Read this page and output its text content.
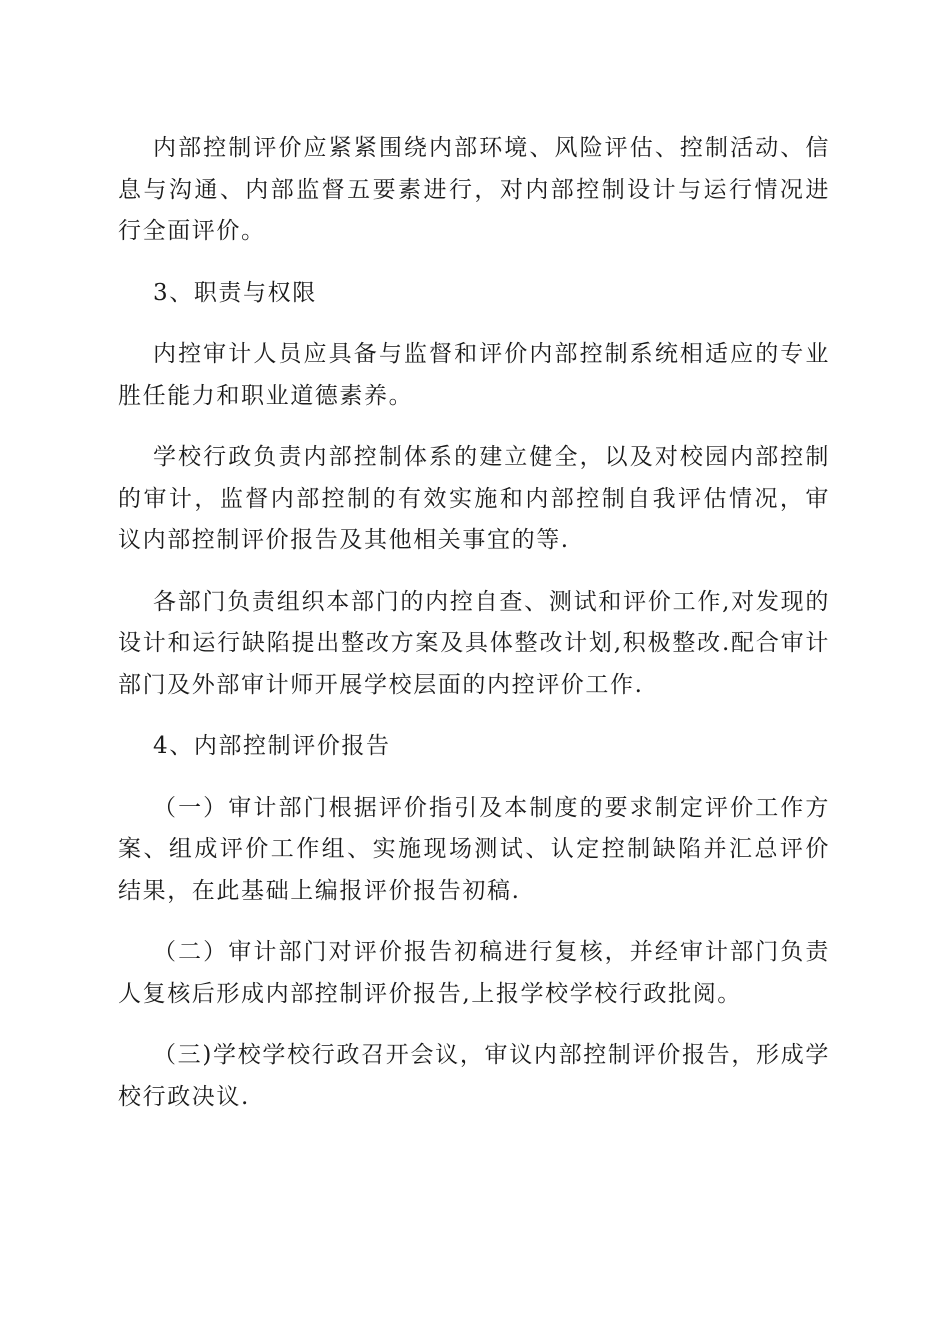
内部控制评价应紧紧围绕内部环境、风险评估、控制活动、信息与沟通、内部监督五要素进行，对内部控制设计与运行情况进行全面评价。

3、职责与权限

内控审计人员应具备与监督和评价内部控制系统相适应的专业胜任能力和职业道德素养。

学校行政负责内部控制体系的建立健全，以及对校园内部控制的审计，监督内部控制的有效实施和内部控制自我评估情况，审议内部控制评价报告及其他相关事宜的等.

各部门负责组织本部门的内控自查、测试和评价工作,对发现的设计和运行缺陷提出整改方案及具体整改计划,积极整改.配合审计部门及外部审计师开展学校层面的内控评价工作.

4、内部控制评价报告

（一）审计部门根据评价指引及本制度的要求制定评价工作方案、组成评价工作组、实施现场测试、认定控制缺陷并汇总评价结果，在此基础上编报评价报告初稿.

（二）审计部门对评价报告初稿进行复核，并经审计部门负责人复核后形成内部控制评价报告,上报学校学校行政批阅。

（三)学校学校行政召开会议，审议内部控制评价报告，形成学校行政决议.
